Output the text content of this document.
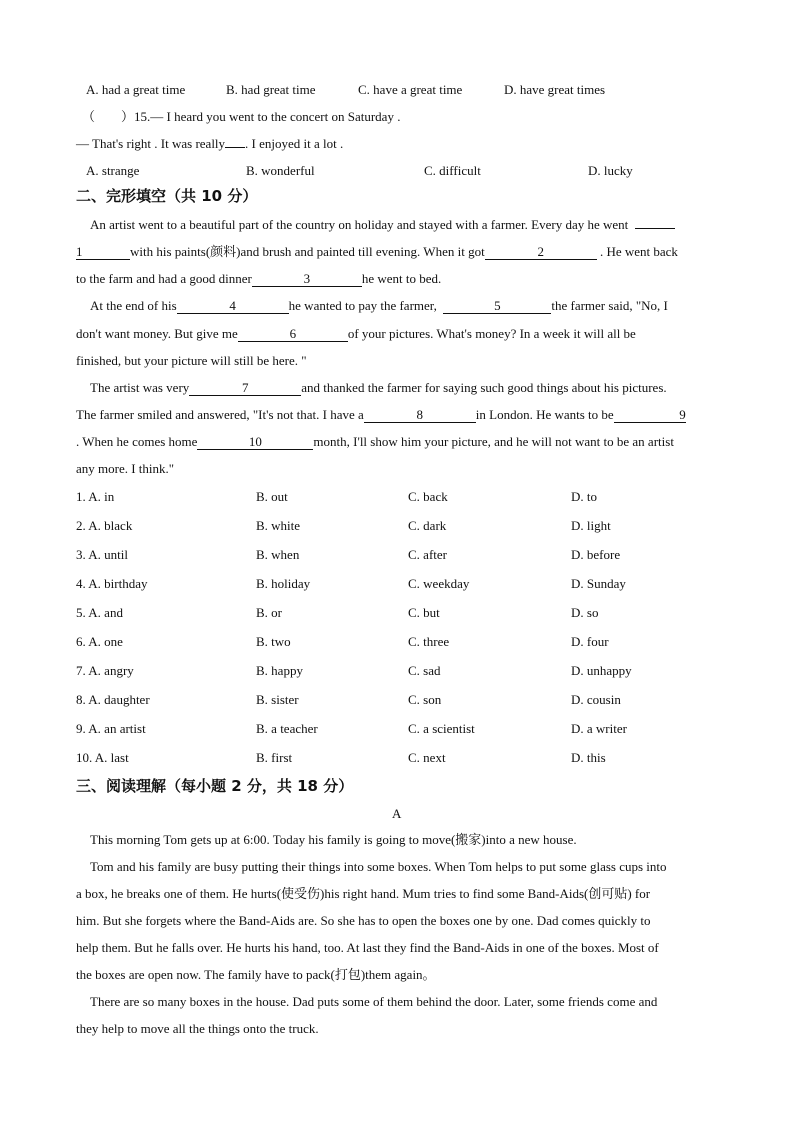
A. had a great time	B. had great time	C. have a great time	D. have great times
（ ）15.— I heard you went to the concert on Saturday .
— That's right . It was really . I enjoyed it a lot .
A. strange	B. wonderful	C. difficult	D. lucky
二、完形填空（共 10 分）
An artist went to a beautiful part of the country on holiday and stayed with a farmer. Every day he went
1	with his paints(颜料)and brush and painted till evening. When it got	2	. He went back
to the farm and had a good dinner	3	he went to bed.
At the end of his	4	he wanted to pay the farmer,	5	the farmer said, "No, I
don't want money. But give me	6	of your pictures. What's money? In a week it will all be
finished, but your picture will still be here. "
The artist was very	7	and thanked the farmer for saying such good things about his pictures.
The farmer smiled and answered, "It's not that. I have a	8	in London. He wants to be	9
. When he comes home	10	month, I'll show him your picture, and he will not want to be an artist
any more. I think."
1. A. in	B. out	C. back	D. to
2. A. black	B. white	C. dark	D. light
3. A. until	B. when	C. after	D. before
4. A. birthday	B. holiday	C. weekday	D. Sunday
5. A. and	B. or	C. but	D. so
6. A. one	B. two	C. three	D. four
7. A. angry	B. happy	C. sad	D. unhappy
8. A. daughter	B. sister	C. son	D. cousin
9. A. an artist	B. a teacher	C. a scientist	D. a writer
10. A. last	B. first	C. next	D. this
三、阅读理解（每小题 2 分，共 18 分）
A
This morning Tom gets up at 6:00. Today his family is going to move(搬家)into a new house.
Tom and his family are busy putting their things into some boxes. When Tom helps to put some glass cups into
a box, he breaks one of them. He hurts(使受伤)his right hand. Mum tries to find some Band-Aids(创可贴) for
him. But she forgets where the Band-Aids are. So she has to open the boxes one by one. Dad comes quickly to
help them. But he falls over. He hurts his hand, too. At last they find the Band-Aids in one of the boxes. Most of
the boxes are open now. The family have to pack(打包)them again。
There are so many boxes in the house. Dad puts some of them behind the door. Later, some friends come and
they help to move all the things onto the truck.
